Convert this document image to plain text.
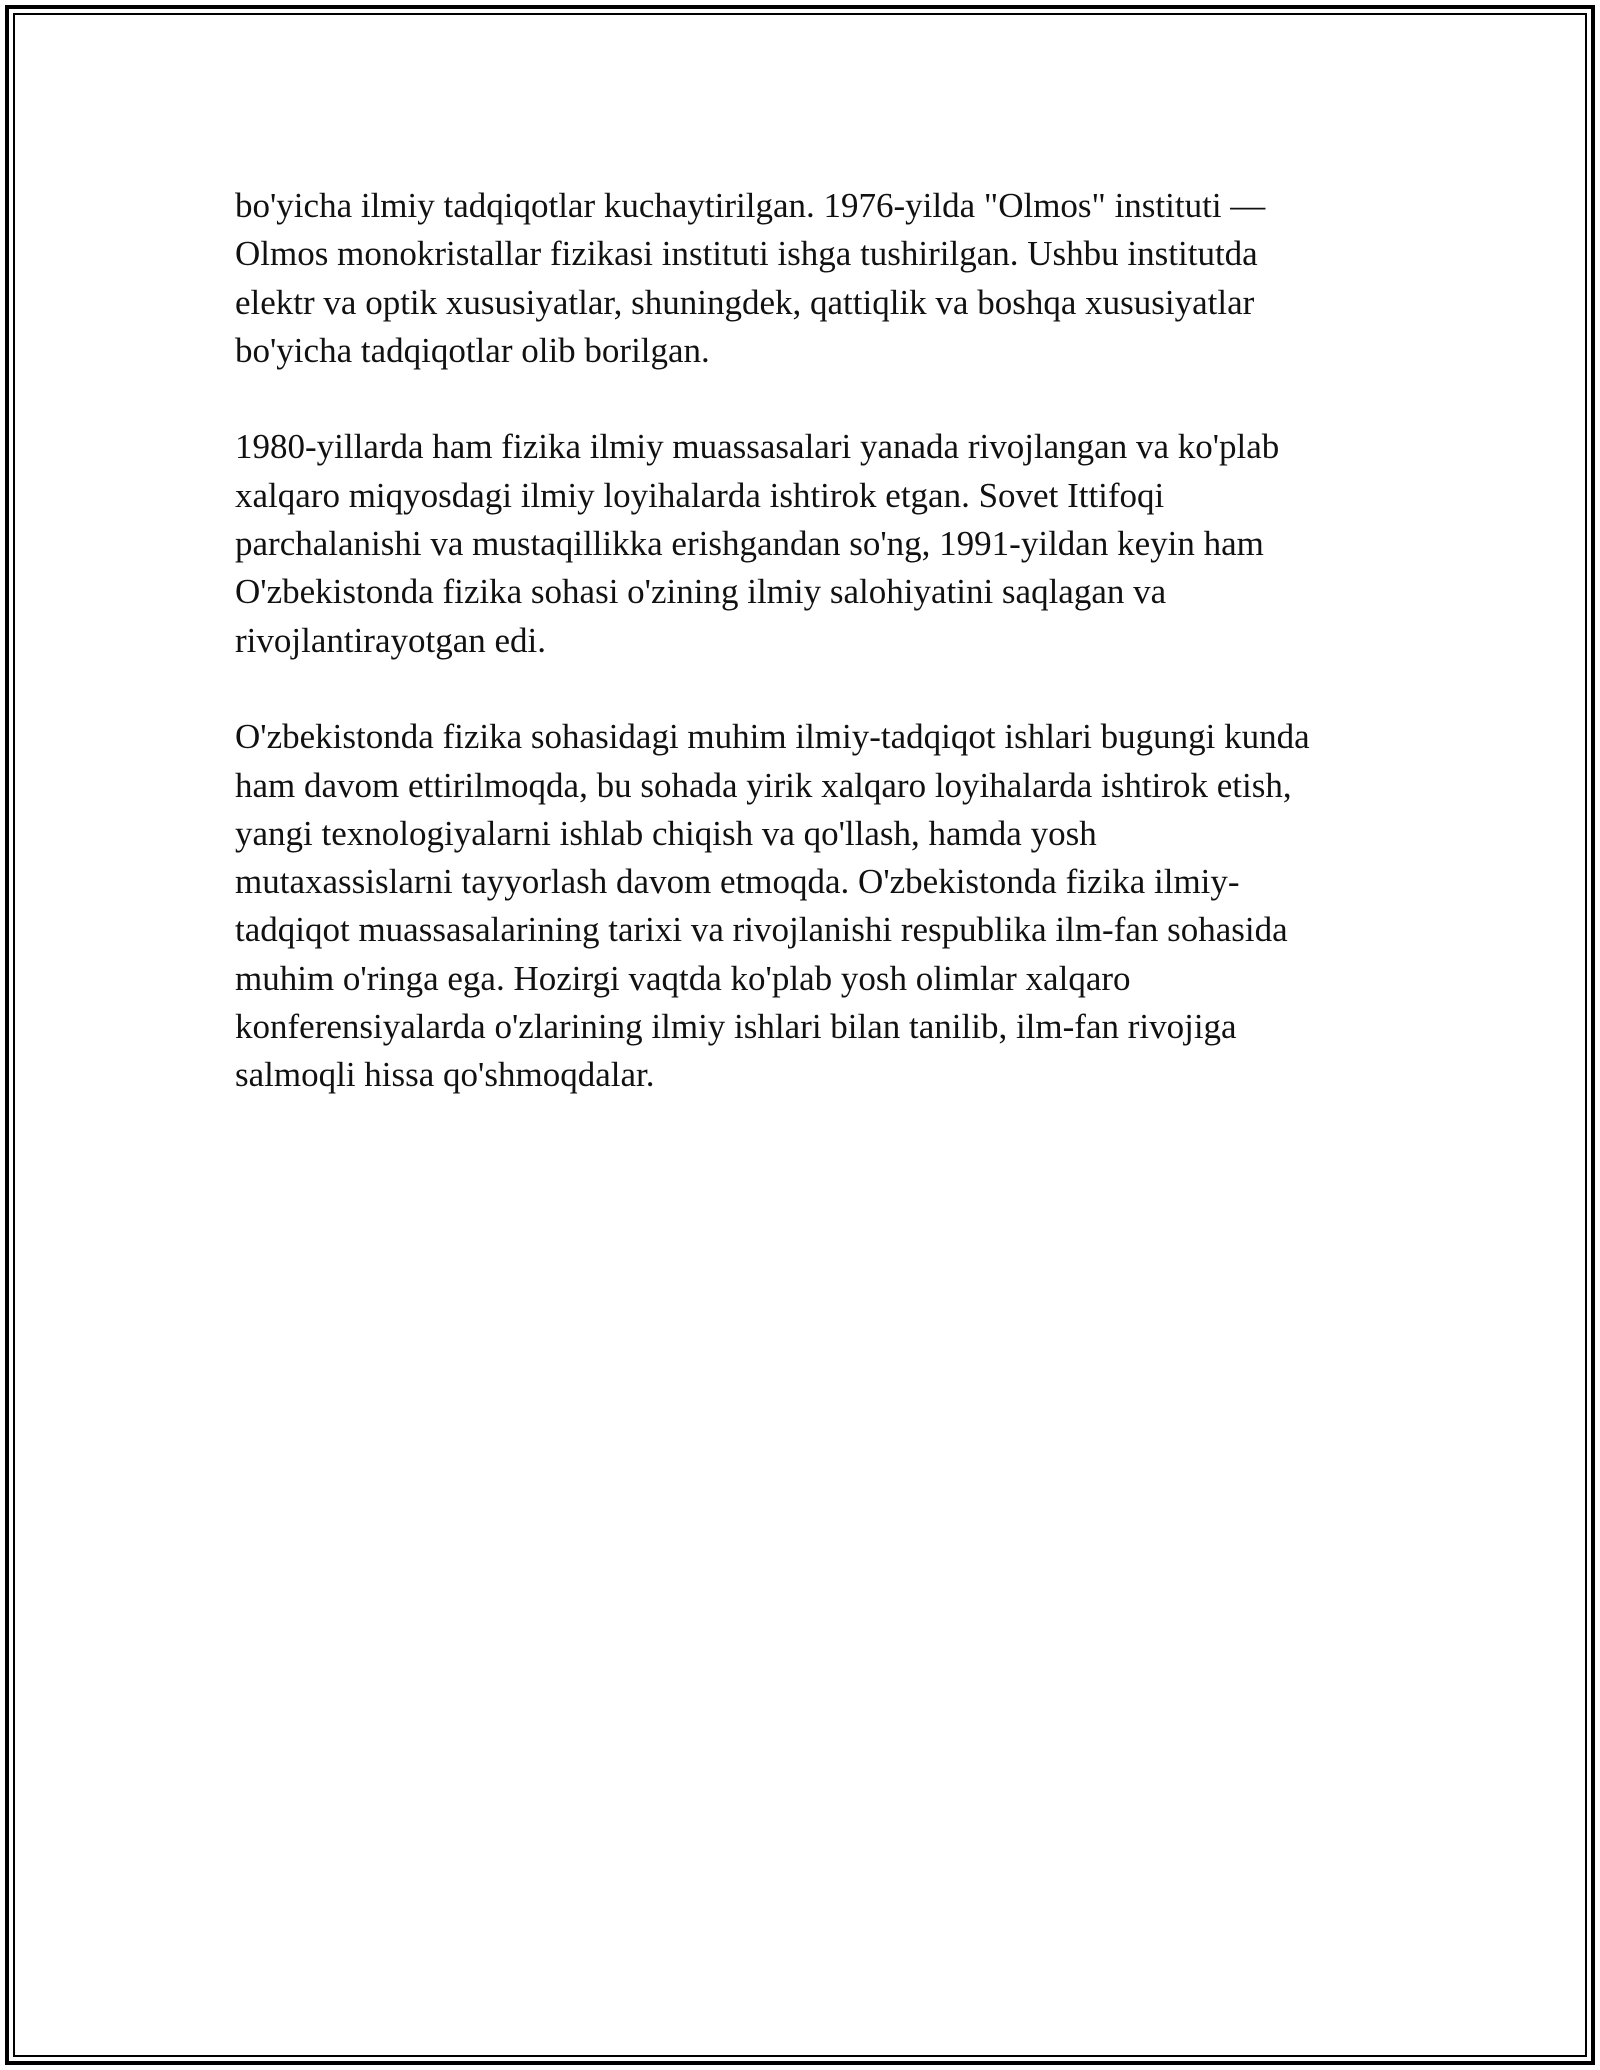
bo'yicha ilmiy tadqiqotlar kuchaytirilgan. 1976-yilda "Olmos" instituti —
Olmos monokristallar fizikasi instituti ishga tushirilgan. Ushbu institutda
elektr va optik xususiyatlar, shuningdek, qattiqlik va boshqa xususiyatlar
bo'yicha tadqiqotlar olib borilgan.

1980-yillarda ham fizika ilmiy muassasalari yanada rivojlangan va ko'plab
xalqaro miqyosdagi ilmiy loyihalarda ishtirok etgan. Sovet Ittifoqi
parchalanishi va mustaqillikka erishgandan so'ng, 1991-yildan keyin ham
O'zbekistonda fizika sohasi o'zining ilmiy salohiyatini saqlagan va
rivojlantirayotgan edi.

O'zbekistonda fizika sohasidagi muhim ilmiy-tadqiqot ishlari bugungi kunda
ham davom ettirilmoqda, bu sohada yirik xalqaro loyihalarda ishtirok etish,
yangi texnologiyalarni ishlab chiqish va qo'llash, hamda yosh
mutaxassislarni tayyorlash davom etmoqda. O'zbekistonda fizika ilmiy-
tadqiqot muassasalarining tarixi va rivojlanishi respublika ilm-fan sohasida
muhim o'ringa ega. Hozirgi vaqtda ko'plab yosh olimlar xalqaro
konferensiyalarda o'zlarining ilmiy ishlari bilan tanilib, ilm-fan rivojiga
salmoqli hissa qo'shmoqdalar.
